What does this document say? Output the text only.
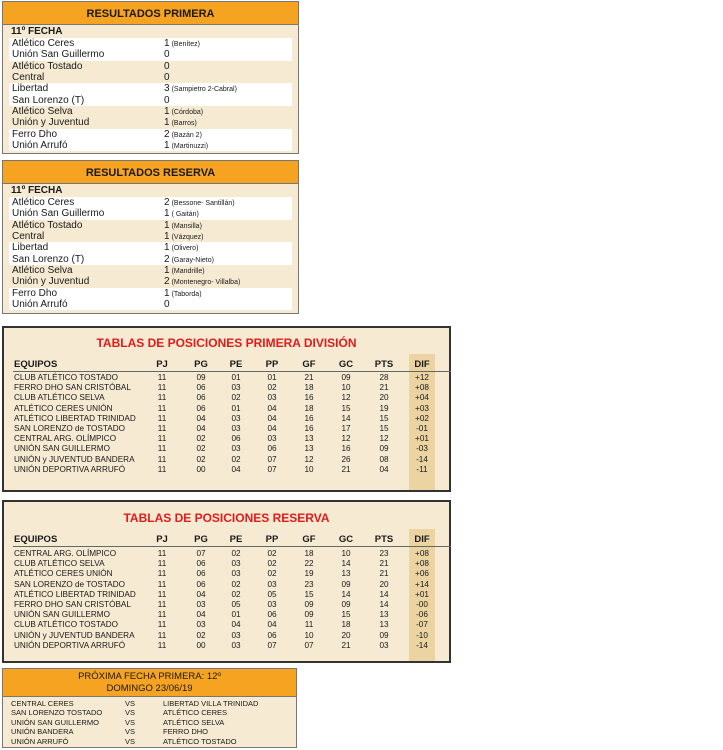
RESULTADOS PRIMERA
11º FECHA
Atlético Ceres	1 (Benítez)
Unión San Guillermo	0
Atlético Tostado	0
Central	0
Libertad	3 (Sampietro 2-Cabral)
San Lorenzo (T)	0
Atlético Selva	1 (Córdoba)
Unión y Juventud	1 (Barros)
Ferro Dho	2 (Bazán 2)
Unión Arrufó	1 (Martinuzzi)
RESULTADOS RESERVA
11º FECHA
Atlético Ceres	2 (Bessone- Santillán)
Unión San Guillermo	1 ( Gaitán)
Atlético Tostado	1 (Mansilla)
Central	1 (Vázquez)
Libertad	1 (Olivero)
San Lorenzo (T)	2 (Garay-Nieto)
Atlético Selva	1 (Mandrille)
Unión y Juventud	2 (Montenegro- Villalba)
Ferro Dho	1 (Taborda)
Unión Arrufó	0
TABLAS DE POSICIONES PRIMERA DIVISIÓN
EQUIPOS	PJ	PG	PE	PP	GF	GC	PTS	DIF
CLUB ATLÉTICO TOSTADO	11	09	01	01	21	09	28	+12
FERRO DHO SAN CRISTÓBAL	11	06	03	02	18	10	21	+08
CLUB ATLÉTICO SELVA	11	06	02	03	16	12	20	+04
ATLÉTICO CERES UNIÓN	11	06	01	04	18	15	19	+03
ATLÉTICO LIBERTAD TRINIDAD	11	04	03	04	16	14	15	+02
SAN LORENZO de TOSTADO	11	04	03	04	16	17	15	-01
CENTRAL ARG. OLÍMPICO	11	02	06	03	13	12	12	+01
UNIÓN SAN GUILLERMO	11	02	03	06	13	16	09	-03
UNIÓN y JUVENTUD BANDERA	11	02	02	07	12	26	08	-14
UNIÓN DEPORTIVA ARRUFÓ	11	00	04	07	10	21	04	-11
TABLAS DE POSICIONES RESERVA
EQUIPOS	PJ	PG	PE	PP	GF	GC	PTS	DIF
CENTRAL ARG. OLÍMPICO	11	07	02	02	18	10	23	+08
CLUB ATLÉTICO SELVA	11	06	03	02	22	14	21	+08
ATLÉTICO CERES UNIÓN	11	06	03	02	19	13	21	+06
SAN LORENZO de TOSTADO	11	06	02	03	23	09	20	+14
ATLÉTICO LIBERTAD TRINIDAD	11	04	02	05	15	14	14	+01
FERRO DHO SAN CRISTÓBAL	11	03	05	03	09	09	14	-00
UNIÓN SAN GUILLERMO	11	04	01	06	09	15	13	-06
CLUB ATLÉTICO TOSTADO	11	03	04	04	11	18	13	-07
UNIÓN y JUVENTUD BANDERA	11	02	03	06	10	20	09	-10
UNIÓN DEPORTIVA ARRUFÓ	11	00	03	07	07	21	03	-14
PRÓXIMA FECHA PRIMERA: 12º
DOMINGO 23/06/19
CENTRAL CERES	VS	LIBERTAD VILLA TRINIDAD
SAN LORENZO TOSTADO	VS	ATLÉTICO CERES
UNIÓN SAN GUILLERMO	VS	ATLÉTICO SELVA
UNIÓN BANDERA	VS	FERRO DHO
UNIÓN ARRUFÓ	VS	ATLÉTICO TOSTADO
